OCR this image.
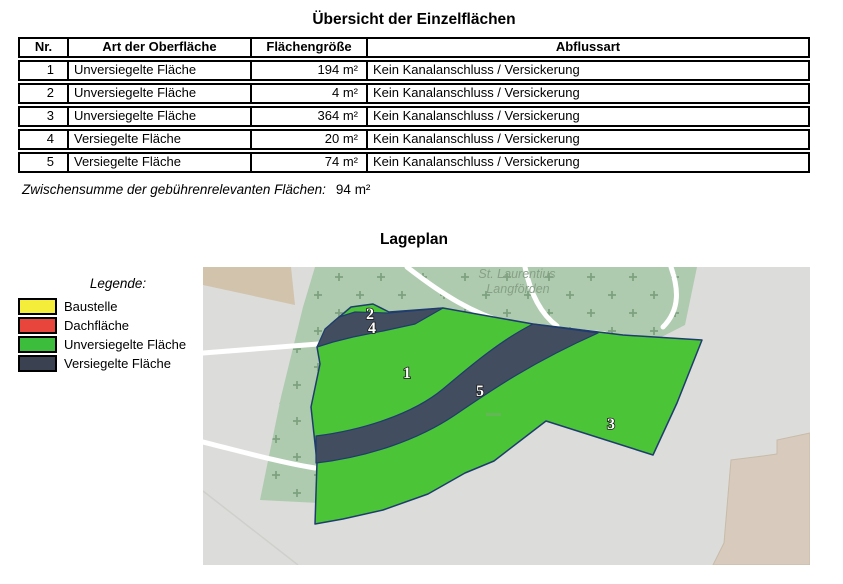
Übersicht der Einzelflächen
Nr.	Art der Oberfläche	Flächengröße	Abflussart
1	Unversiegelte Fläche	194 m²	Kein Kanalanschluss / Versickerung
2	Unversiegelte Fläche	4 m²	Kein Kanalanschluss / Versickerung
3	Unversiegelte Fläche	364 m²	Kein Kanalanschluss / Versickerung
4	Versiegelte Fläche	20 m²	Kein Kanalanschluss / Versickerung
5	Versiegelte Fläche	74 m²	Kein Kanalanschluss / Versickerung
Zwischensumme der gebührenrelevanten Flächen: 94 m²
Lageplan
Legende:
Baustelle
Dachfläche
Unversiegelte Fläche
Versiegelte Fläche
St. Laurentius
Langförden
1
2
3
4
5
